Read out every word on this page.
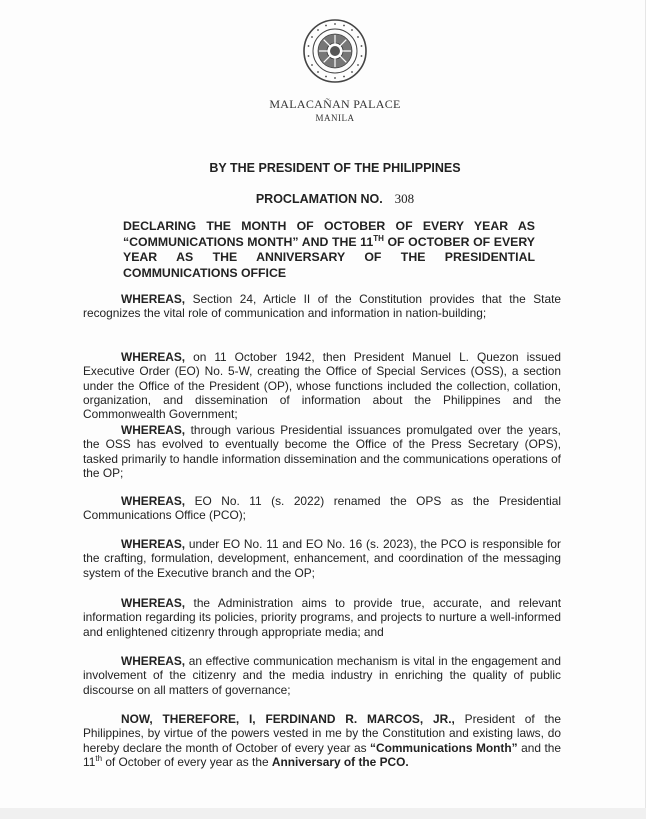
MALACAÑAN PALACE
MANILA
BY THE PRESIDENT OF THE PHILIPPINES
PROCLAMATION NO. 308
DECLARING THE MONTH OF OCTOBER OF EVERY YEAR AS “COMMUNICATIONS MONTH” AND THE 11TH OF OCTOBER OF EVERY YEAR AS THE ANNIVERSARY OF THE PRESIDENTIAL COMMUNICATIONS OFFICE

WHEREAS, Section 24, Article II of the Constitution provides that the State recognizes the vital role of communication and information in nation-building;

WHEREAS, on 11 October 1942, then President Manuel L. Quezon issued Executive Order (EO) No. 5-W, creating the Office of Special Services (OSS), a section under the Office of the President (OP), whose functions included the collection, collation, organization, and dissemination of information about the Philippines and the Commonwealth Government;

WHEREAS, through various Presidential issuances promulgated over the years, the OSS has evolved to eventually become the Office of the Press Secretary (OPS), tasked primarily to handle information dissemination and the communications operations of the OP;

WHEREAS, EO No. 11 (s. 2022) renamed the OPS as the Presidential Communications Office (PCO);

WHEREAS, under EO No. 11 and EO No. 16 (s. 2023), the PCO is responsible for the crafting, formulation, development, enhancement, and coordination of the messaging system of the Executive branch and the OP;

WHEREAS, the Administration aims to provide true, accurate, and relevant information regarding its policies, priority programs, and projects to nurture a well-informed and enlightened citizenry through appropriate media; and

WHEREAS, an effective communication mechanism is vital in the engagement and involvement of the citizenry and the media industry in enriching the quality of public discourse on all matters of governance;

NOW, THEREFORE, I, FERDINAND R. MARCOS, JR., President of the Philippines, by virtue of the powers vested in me by the Constitution and existing laws, do hereby declare the month of October of every year as “Communications Month” and the 11th of October of every year as the Anniversary of the PCO.
